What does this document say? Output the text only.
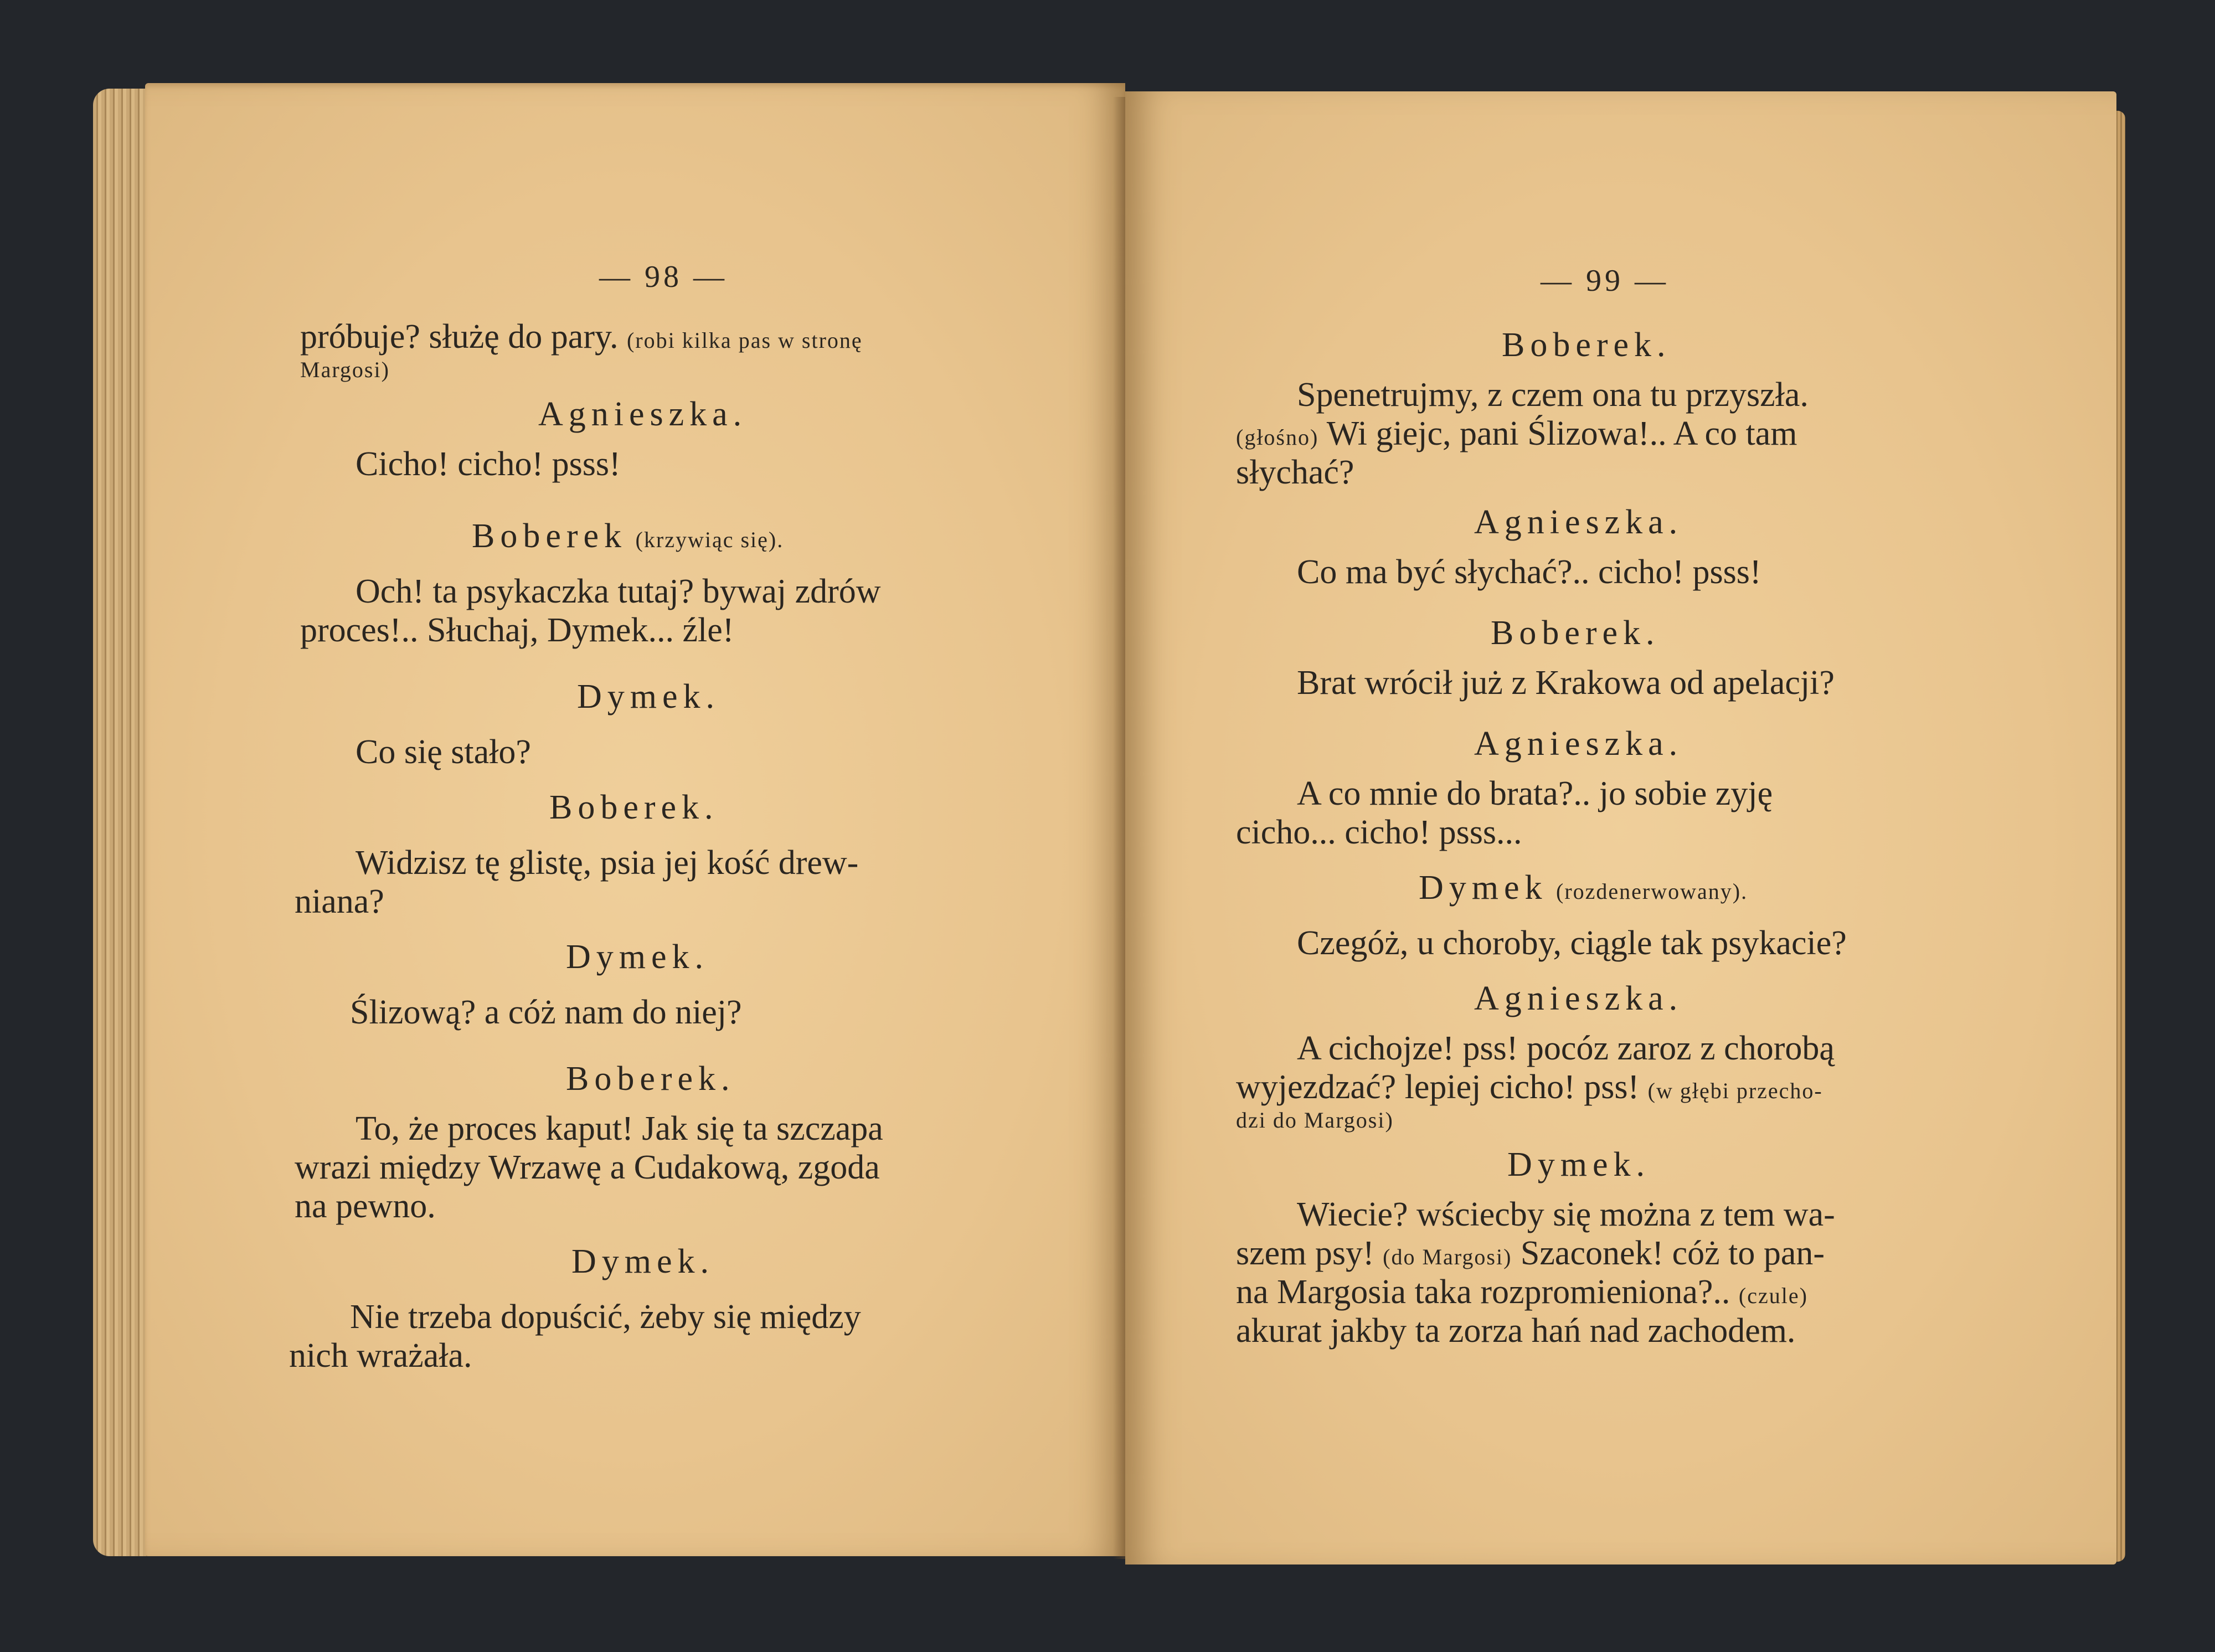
— 98 —
próbuje? służę do pary. (robi kilka pas w stronę
Margosi)
Agnieszka.
Cicho! cicho! psss!
Boberek (krzywiąc się).
Och! ta psykaczka tutaj? bywaj zdrów
proces!.. Słuchaj, Dymek... źle!
Dymek.
Co się stało?
Boberek.
Widzisz tę glistę, psia jej kość drew-
niana?
Dymek.
Ślizową? a cóż nam do niej?
Boberek.
To, że proces kaput! Jak się ta szczapa
wrazi między Wrzawę a Cudakową, zgoda
na pewno.
Dymek.
Nie trzeba dopuścić, żeby się między
nich wrażała.
— 99 —
Boberek.
Spenetrujmy, z czem ona tu przyszła.
(głośno) Wi giejc, pani Ślizowa!.. A co tam
słychać?
Agnieszka.
Co ma być słychać?.. cicho! psss!
Boberek.
Brat wrócił już z Krakowa od apelacji?
Agnieszka.
A co mnie do brata?.. jo sobie zyję
cicho... cicho! psss...
Dymek (rozdenerwowany).
Czegóż, u choroby, ciągle tak psykacie?
Agnieszka.
A cichojze! pss! pocóz zaroz z chorobą
wyjezdzać? lepiej cicho! pss! (w głębi przecho-
dzi do Margosi)
Dymek.
Wiecie? wściecby się można z tem wa-
szem psy! (do Margosi) Szaconek! cóż to pan-
na Margosia taka rozpromieniona?.. (czule)
akurat jakby ta zorza hań nad zachodem.
